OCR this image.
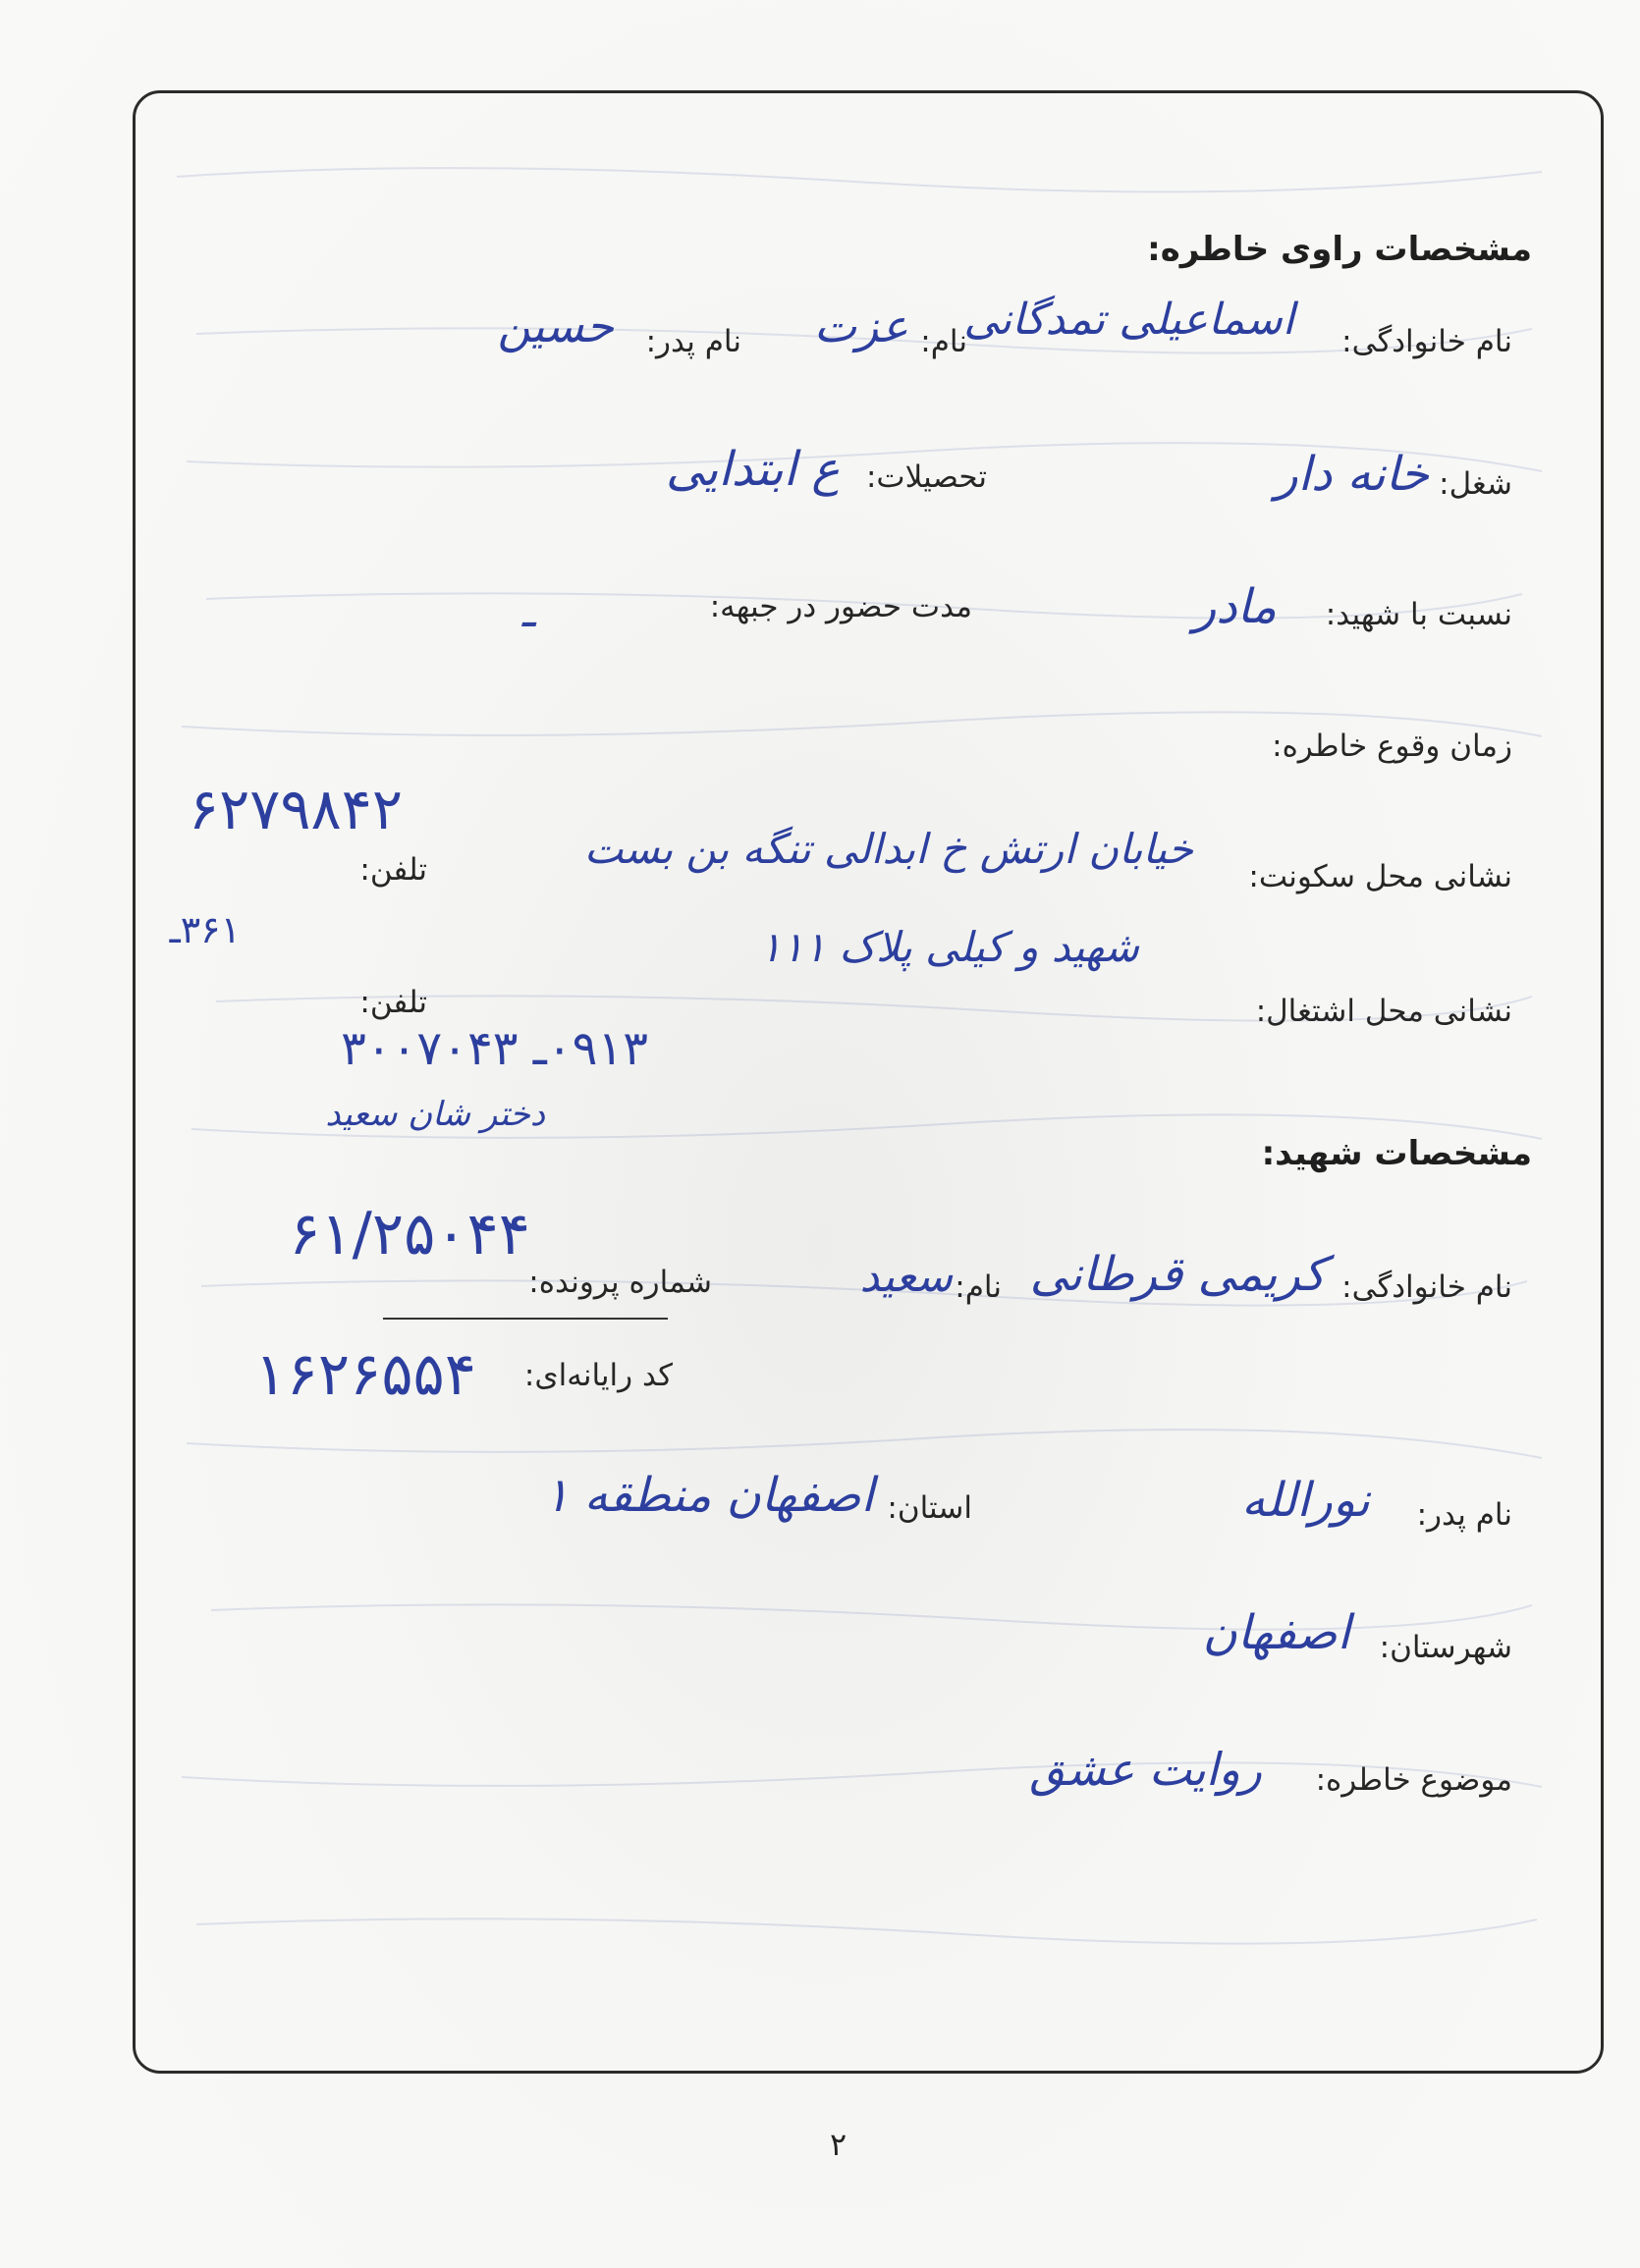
مشخصات راوی خاطره:
نام خانوادگی:
اسماعیلی تمدگانی
نام:
عزت
نام پدر:
حسین
شغل:
خانه دار
تحصیلات:
ع ابتدایی
نسبت با شهید:
مادر
مدت حضور در جبهه:
ـ
زمان وقوع خاطره:
نشانی محل سکونت:
خیابان ارتش خ ابدالی تنگه بن بست
شهید و کیلی پلاک ۱۱۱
تلفن:
۶۲۷۹۸۴۲
۳۶۱ـ
نشانی محل اشتغال:
تلفن:
۰۹۱۳ـ ۳۰۰۷۰۴۳
دختر شان سعید
مشخصات شهید:
نام خانوادگی:
کریمی قرطانی
نام:
سعید
شماره پرونده:
۶۱/۲۵۰۴۴
کد رایانه‌ای:
۱۶۲۶۵۵۴
نام پدر:
نورالله
استان:
اصفهان منطقه ۱
شهرستان:
اصفهان
موضوع خاطره:
روایت عشق
۲
